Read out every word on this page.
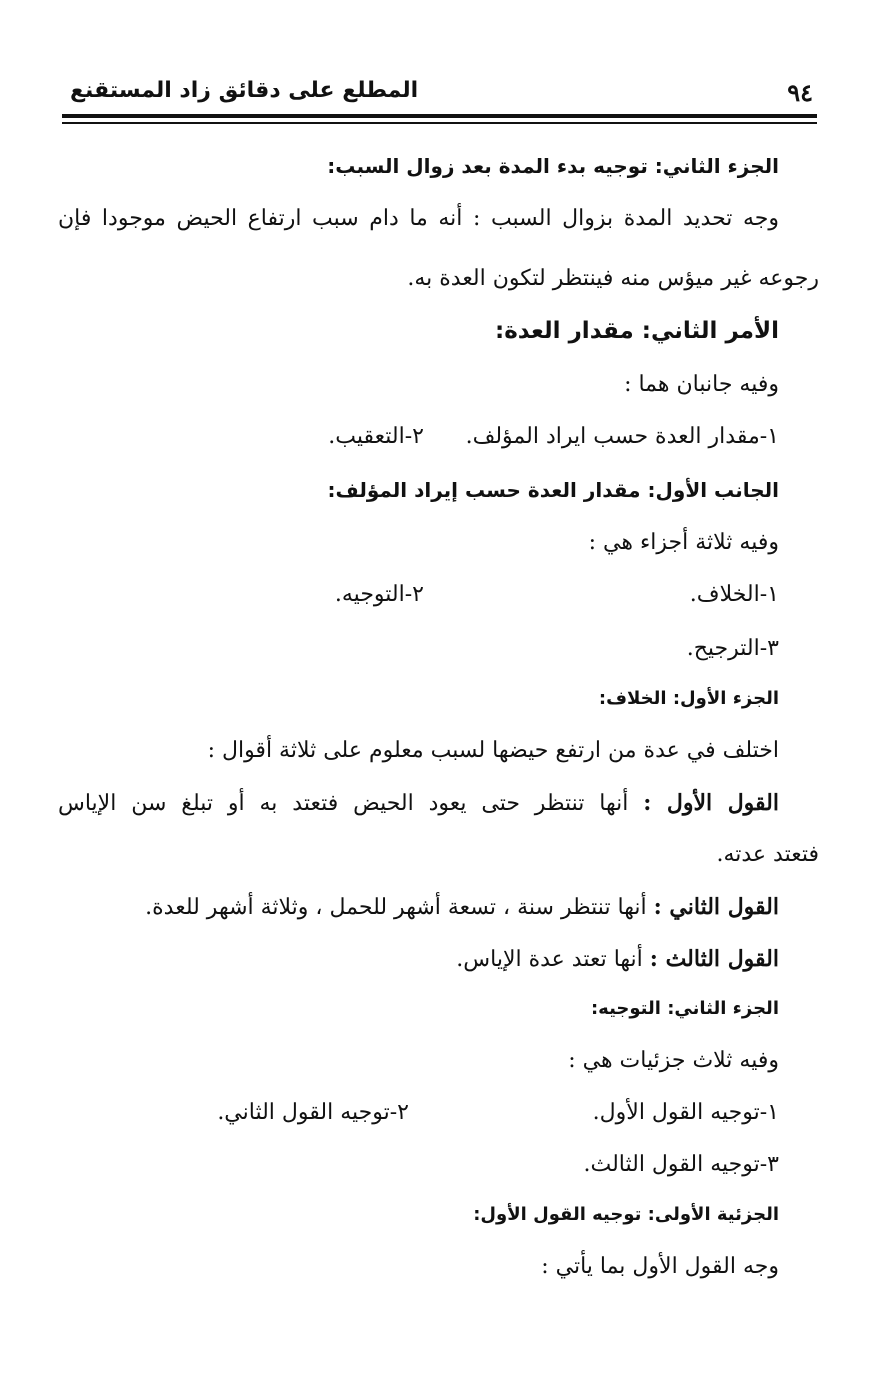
٩٤
المطلع على دقائق زاد المستقنع
الجزء الثاني: توجيه بدء المدة بعد زوال السبب:
وجه تحديد المدة بزوال السبب : أنه ما دام سبب ارتفاع الحيض موجودا فإن
رجوعه غير ميؤس منه فينتظر لتكون العدة به.
الأمر الثاني: مقدار العدة:
وفيه جانبان هما :
١-مقدار العدة حسب ايراد المؤلف.
٢-التعقيب.
الجانب الأول: مقدار العدة حسب إيراد المؤلف:
وفيه ثلاثة أجزاء هي :
١-الخلاف.
٢-التوجيه.
٣-الترجيح.
الجزء الأول: الخلاف:
اختلف في عدة من ارتفع حيضها لسبب معلوم على ثلاثة أقوال :
القول الأول : أنها تنتظر حتى يعود الحيض فتعتد به أو تبلغ سن الإياس
فتعتد عدته.
القول الثاني : أنها تنتظر سنة ، تسعة أشهر للحمل ، وثلاثة أشهر للعدة.
القول الثالث : أنها تعتد عدة الإياس.
الجزء الثاني: التوجيه:
وفيه ثلاث جزئيات هي :
١-توجيه القول الأول.
٢-توجيه القول الثاني.
٣-توجيه القول الثالث.
الجزئية الأولى: توجيه القول الأول:
وجه القول الأول بما يأتي :
